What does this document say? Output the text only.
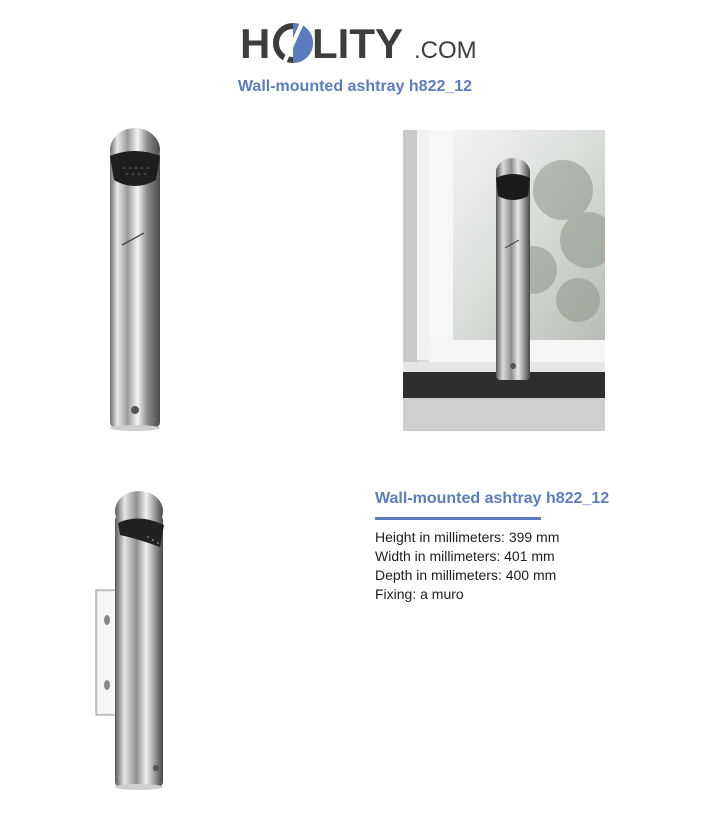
H LITY .COM
Wall-mounted ashtray h822_12
Wall-mounted ashtray h822_12
Height in millimeters: 399 mm
Width in millimeters: 401 mm
Depth in millimeters: 400 mm
Fixing: a muro
